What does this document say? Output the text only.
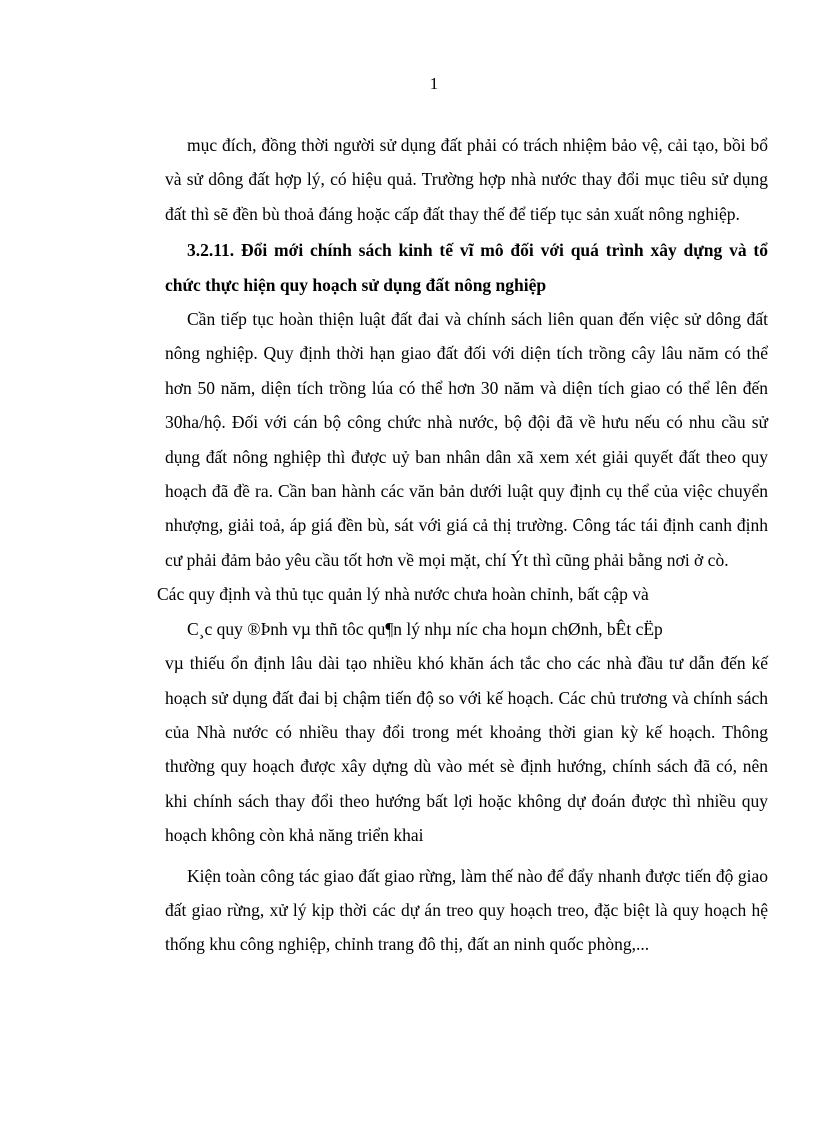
1

mục đích, đồng thời người sử dụng đất phải có trách nhiệm bảo vệ, cải tạo, bồi bổ và sử dông đất hợp lý, có hiệu quả. Trường hợp nhà nước thay đổi mục tiêu sử dụng đất thì sẽ đền bù thoả đáng hoặc cấp đất thay thế để tiếp tục sản xuất nông nghiệp.

3.2.11. Đổi mới chính sách kinh tế vĩ mô đối với quá trình xây dựng và tổ chức thực hiện quy hoạch sử dụng đất nông nghiệp

Cần tiếp tục hoàn thiện luật đất đai và chính sách liên quan đến việc sử dông đất nông nghiệp. Quy định thời hạn giao đất đối với diện tích trồng cây lâu năm có thể hơn 50 năm, diện tích trồng lúa có thể hơn 30 năm và diện tích giao có thể lên đến 30ha/hộ. Đối với cán bộ công chức nhà nước, bộ đội đã về hưu nếu có nhu cầu sử dụng đất nông nghiệp thì được uỷ ban nhân dân xã xem xét giải quyết đất theo quy hoạch đã đề ra. Cần ban hành các văn bản dưới luật quy định cụ thể của việc chuyển nhượng, giải toả, áp giá đền bù, sát với giá cả thị trường. Công tác tái định canh định cư phải đảm bảo yêu cầu tốt hơn về mọi mặt, chí Ýt thì cũng phải bằng nơi ở cò.

Các quy định và thủ tục quản lý nhà nước chưa hoàn chỉnh, bất cập và

C¸c quy ®Þnh vµ thñ tôc qu¶n lý nhµ níc cha hoµn chØnh, bÊt cËp

vµ thiếu ổn định lâu dài tạo nhiều khó khăn ách tắc cho các nhà đầu tư dẫn đến kế hoạch sử dụng đất đai bị chậm tiến độ so với kế hoạch. Các chủ trương và chính sách của Nhà nước có nhiều thay đổi trong mét khoảng thời gian kỳ kế hoạch. Thông thường quy hoạch được xây dựng dù vào mét sè định hướng, chính sách đã có, nên khi chính sách thay đổi theo hướng bất lợi hoặc không dự đoán được thì nhiều quy hoạch không còn khả năng triển khai

Kiện toàn công tác giao đất giao rừng, làm thế nào để đẩy nhanh được tiến độ giao đất giao rừng, xử lý kịp thời các dự án treo quy hoạch treo, đặc biệt là quy hoạch hệ thống khu công nghiệp, chỉnh trang đô thị, đất an ninh quốc phòng,...
